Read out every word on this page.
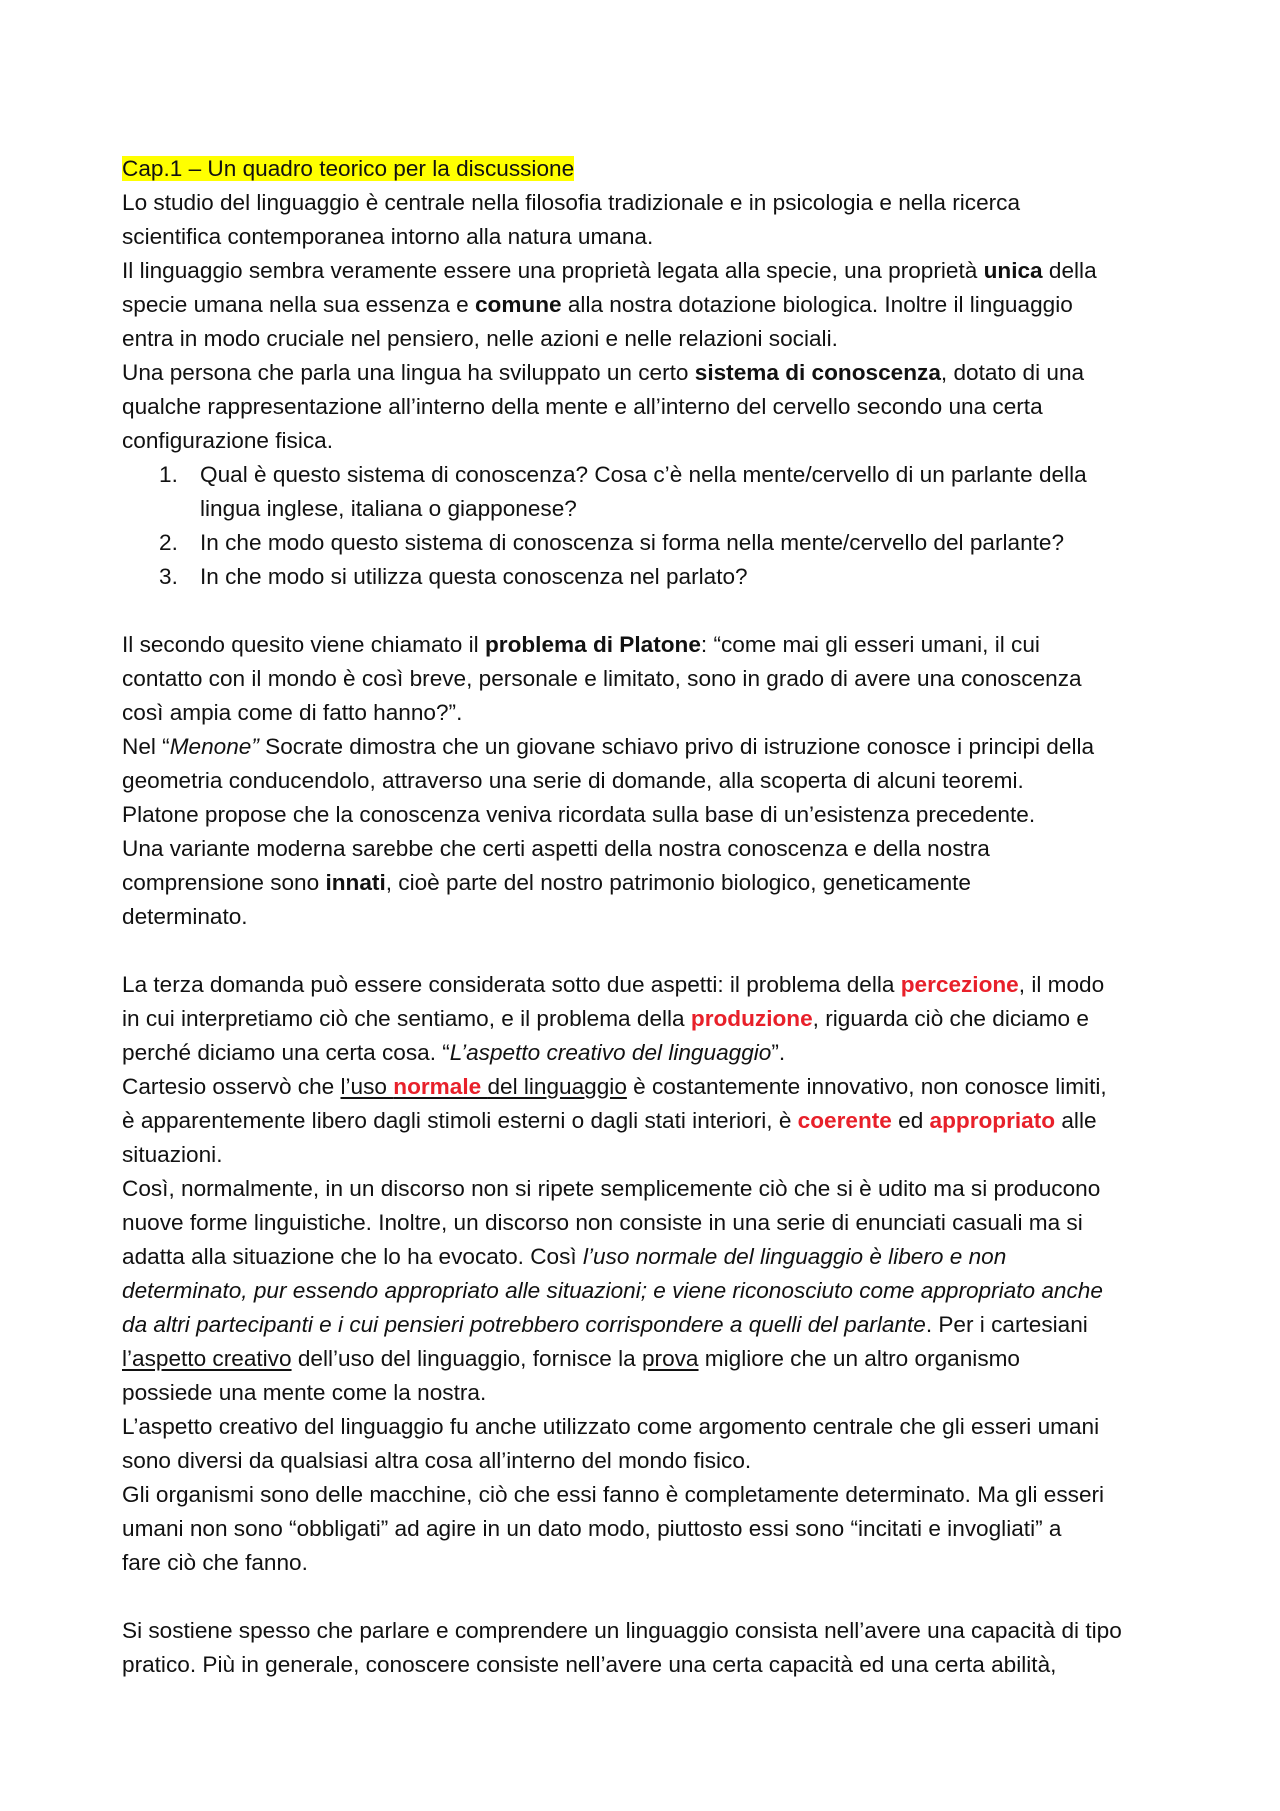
Cap.1 – Un quadro teorico per la discussione

Lo studio del linguaggio è centrale nella filosofia tradizionale e in psicologia e nella ricerca

scientifica contemporanea intorno alla natura umana.

Il linguaggio sembra veramente essere una proprietà legata alla specie, una proprietà unica della

specie umana nella sua essenza e comune alla nostra dotazione biologica. Inoltre il linguaggio

entra in modo cruciale nel pensiero, nelle azioni e nelle relazioni sociali.

Una persona che parla una lingua ha sviluppato un certo sistema di conoscenza, dotato di una

qualche rappresentazione all’interno della mente e all’interno del cervello secondo una certa

configurazione fisica.

1. Qual è questo sistema di conoscenza? Cosa c’è nella mente/cervello di un parlante della

lingua inglese, italiana o giapponese?

2. In che modo questo sistema di conoscenza si forma nella mente/cervello del parlante?

3. In che modo si utilizza questa conoscenza nel parlato?

Il secondo quesito viene chiamato il problema di Platone: “come mai gli esseri umani, il cui

contatto con il mondo è così breve, personale e limitato, sono in grado di avere una conoscenza

così ampia come di fatto hanno?”.

Nel “Menone” Socrate dimostra che un giovane schiavo privo di istruzione conosce i principi della

geometria conducendolo, attraverso una serie di domande, alla scoperta di alcuni teoremi.

Platone propose che la conoscenza veniva ricordata sulla base di un’esistenza precedente.

Una variante moderna sarebbe che certi aspetti della nostra conoscenza e della nostra

comprensione sono innati, cioè parte del nostro patrimonio biologico, geneticamente

determinato.

La terza domanda può essere considerata sotto due aspetti: il problema della percezione, il modo

in cui interpretiamo ciò che sentiamo, e il problema della produzione, riguarda ciò che diciamo e

perché diciamo una certa cosa. “L’aspetto creativo del linguaggio”.

Cartesio osservò che l’uso normale del linguaggio è costantemente innovativo, non conosce limiti,

è apparentemente libero dagli stimoli esterni o dagli stati interiori, è coerente ed appropriato alle

situazioni.

Così, normalmente, in un discorso non si ripete semplicemente ciò che si è udito ma si producono

nuove forme linguistiche. Inoltre, un discorso non consiste in una serie di enunciati casuali ma si

adatta alla situazione che lo ha evocato. Così l’uso normale del linguaggio è libero e non

determinato, pur essendo appropriato alle situazioni; e viene riconosciuto come appropriato anche

da altri partecipanti e i cui pensieri potrebbero corrispondere a quelli del parlante. Per i cartesiani

l’aspetto creativo dell’uso del linguaggio, fornisce la prova migliore che un altro organismo

possiede una mente come la nostra.

L’aspetto creativo del linguaggio fu anche utilizzato come argomento centrale che gli esseri umani

sono diversi da qualsiasi altra cosa all’interno del mondo fisico.

Gli organismi sono delle macchine, ciò che essi fanno è completamente determinato. Ma gli esseri

umani non sono “obbligati” ad agire in un dato modo, piuttosto essi sono “incitati e invogliati” a

fare ciò che fanno.

Si sostiene spesso che parlare e comprendere un linguaggio consista nell’avere una capacità di tipo

pratico. Più in generale, conoscere consiste nell’avere una certa capacità ed una certa abilità,
